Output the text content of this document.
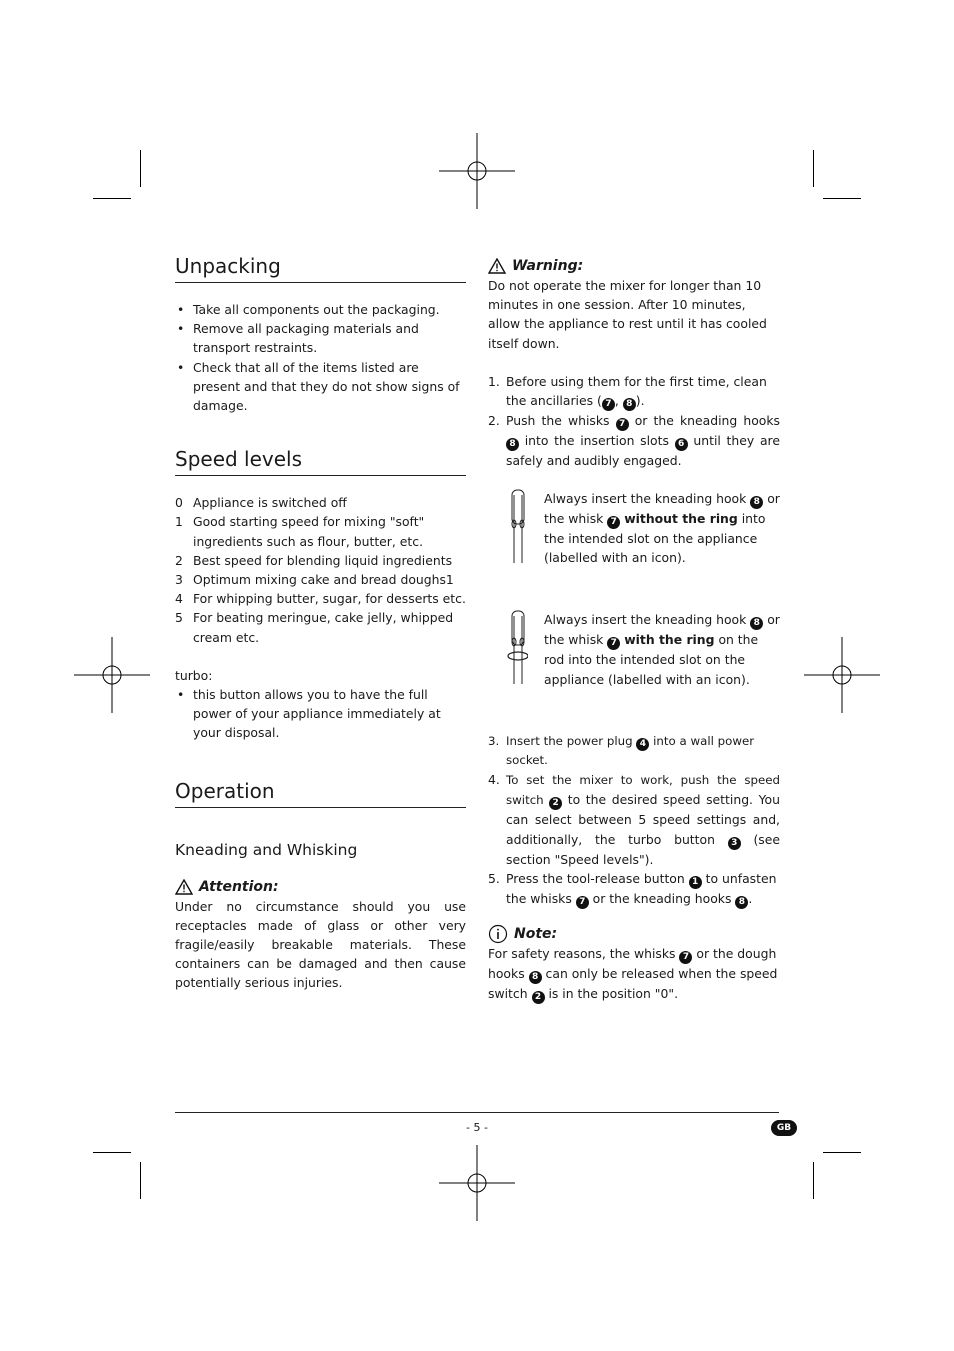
Unpacking
• Take all components out the packaging.
• Remove all packaging materials and transport restraints.
• Check that all of the items listed are present and that they do not show signs of damage.
Speed levels
0 Appliance is switched off
1 Good starting speed for mixing "soft" ingredients such as flour, butter, etc.
2 Best speed for blending liquid ingredients
3 Optimum mixing cake and bread doughs1
4 For whipping butter, sugar, for desserts etc.
5 For beating meringue, cake jelly, whipped cream etc.
turbo:
• this button allows you to have the full power of your appliance immediately at your disposal.
Operation
Kneading and Whisking
Attention:
Under no circumstance should you use receptacles made of glass or other very fragile/easily breakable materials. These containers can be damaged and then cause potentially serious injuries.
Warning:
Do not operate the mixer for longer than 10 minutes in one session. After 10 minutes, allow the appliance to rest until it has cooled itself down.
1. Before using them for the first time, clean the ancillaries ( 7 , 8 ).
2. Push the whisks 7 or the kneading hooks 8 into the insertion slots 6 until they are safely and audibly engaged.
Always insert the kneading hook 8 or the whisk 7 without the ring into the intended slot on the appliance (labelled with an icon).
Always insert the kneading hook 8 or the whisk 7 with the ring on the rod into the intended slot on the appliance (labelled with an icon).
3. Insert the power plug 4 into a wall power socket.
4. To set the mixer to work, push the speed switch 2 to the desired speed setting. You can select between 5 speed settings and, additionally, the turbo button 3 (see section "Speed levels").
5. Press the tool-release button 1 to unfasten the whisks 7 or the kneading hooks 8 .
Note:
For safety reasons, the whisks 7 or the dough hooks 8 can only be released when the speed switch 2 is in the position "0".
- 5 -	GB
